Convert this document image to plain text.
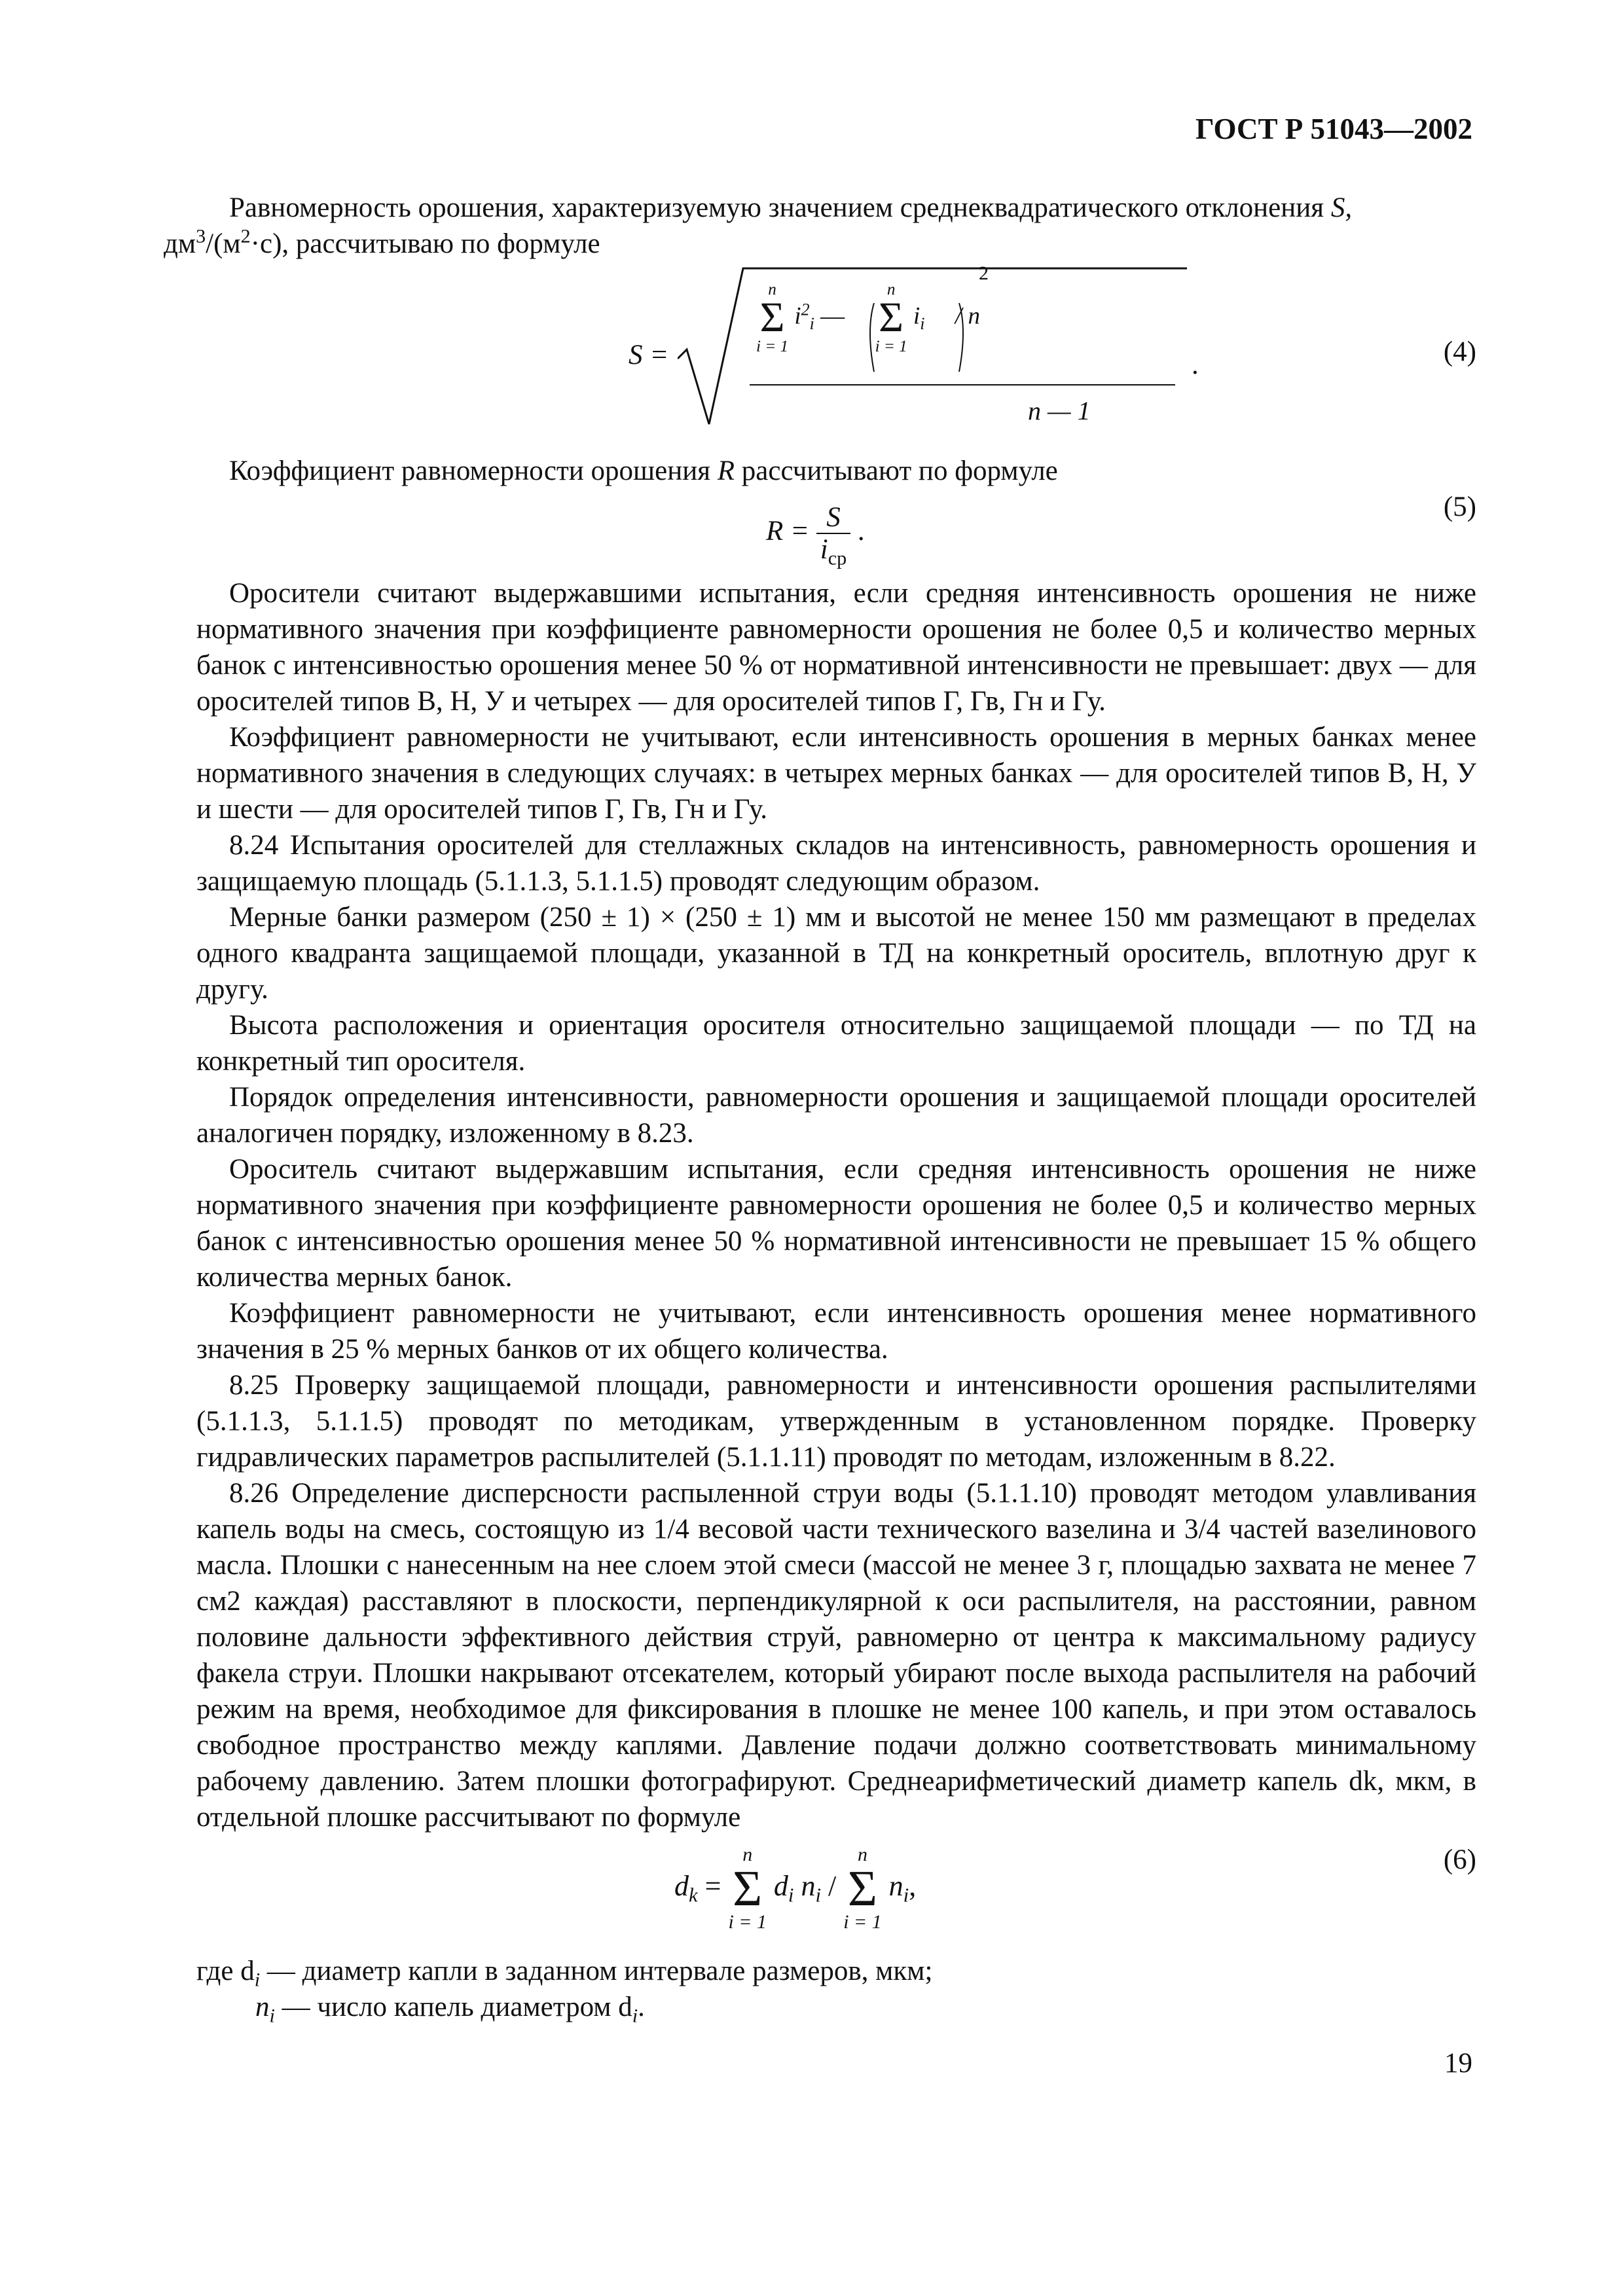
ГОСТ Р 51043—2002

Равномерность орошения, характеризуемую значением среднеквадратического отклонения S,
$дм^3/(м^2\cdot с)$, рассчитываю по формуле

S =
n
Σ
i = 1
$i^2_i$ —
n
Σ
i = 1
$i_i$ / n
2
n — 1
.	(4)

Коэффициент равномерности орошения R рассчитывают по формуле

$R = \frac{S}{i_{ср}}$ .
(5)

Оросители считают выдержавшими испытания, если средняя интенсивность орошения не ниже нормативного значения при коэффициенте равномерности орошения не более 0,5 и количество мерных банок с интенсивностью орошения менее 50 % от нормативной интенсивности не превышает: двух — для оросителей типов В, Н, У и четырех — для оросителей типов Г, Гв, Гн и Гу.

Коэффициент равномерности не учитывают, если интенсивность орошения в мерных банках менее нормативного значения в следующих случаях: в четырех мерных банках — для оросителей типов В, Н, У и шести — для оросителей типов Г, Гв, Гн и Гу.

8.24 Испытания оросителей для стеллажных складов на интенсивность, равномерность орошения и защищаемую площадь (5.1.1.3, 5.1.1.5) проводят следующим образом.

Мерные банки размером (250 ± 1) × (250 ± 1) мм и высотой не менее 150 мм размещают в пределах одного квадранта защищаемой площади, указанной в ТД на конкретный ороситель, вплотную друг к другу.

Высота расположения и ориентация оросителя относительно защищаемой площади — по ТД на конкретный тип оросителя.

Порядок определения интенсивности, равномерности орошения и защищаемой площади оросителей аналогичен порядку, изложенному в 8.23.

Ороситель считают выдержавшим испытания, если средняя интенсивность орошения не ниже нормативного значения при коэффициенте равномерности орошения не более 0,5 и количество мерных банок с интенсивностью орошения менее 50 % нормативной интенсивности не превышает 15 % общего количества мерных банок.

Коэффициент равномерности не учитывают, если интенсивность орошения менее нормативного значения в 25 % мерных банков от их общего количества.

8.25 Проверку защищаемой площади, равномерности и интенсивности орошения распылителями (5.1.1.3, 5.1.1.5) проводят по методикам, утвержденным в установленном порядке. Проверку гидравлических параметров распылителей (5.1.1.11) проводят по методам, изложенным в 8.22.

8.26 Определение дисперсности распыленной струи воды (5.1.1.10) проводят методом улавливания капель воды на смесь, состоящую из 1/4 весовой части технического вазелина и 3/4 частей вазелинового масла. Плошки с нанесенным на нее слоем этой смеси (массой не менее 3 г, площадью захвата не менее 7 см2 каждая) расставляют в плоскости, перпендикулярной к оси распылителя, на расстоянии, равном половине дальности эффективного действия струй, равномерно от центра к максимальному радиусу факела струи. Плошки накрывают отсекателем, который убирают после выхода распылителя на рабочий режим на время, необходимое для фиксирования в плошке не менее 100 капель, и при этом оставалось свободное пространство между каплями. Давление подачи должно соответствовать минимальному рабочему давлению. Затем плошки фотографируют. Среднеарифметический диаметр капель dk, мкм, в отдельной плошке рассчитывают по формуле

$d_k$ =
n
Σ
i = 1
$d_i$ $n_i$ /
n
Σ
i = 1
$n_i$,
(6)

где $d_i$ — диаметр капли в заданном интервале размеров, мкм;

$n_i$ — число капель диаметром $d_i$.

19
